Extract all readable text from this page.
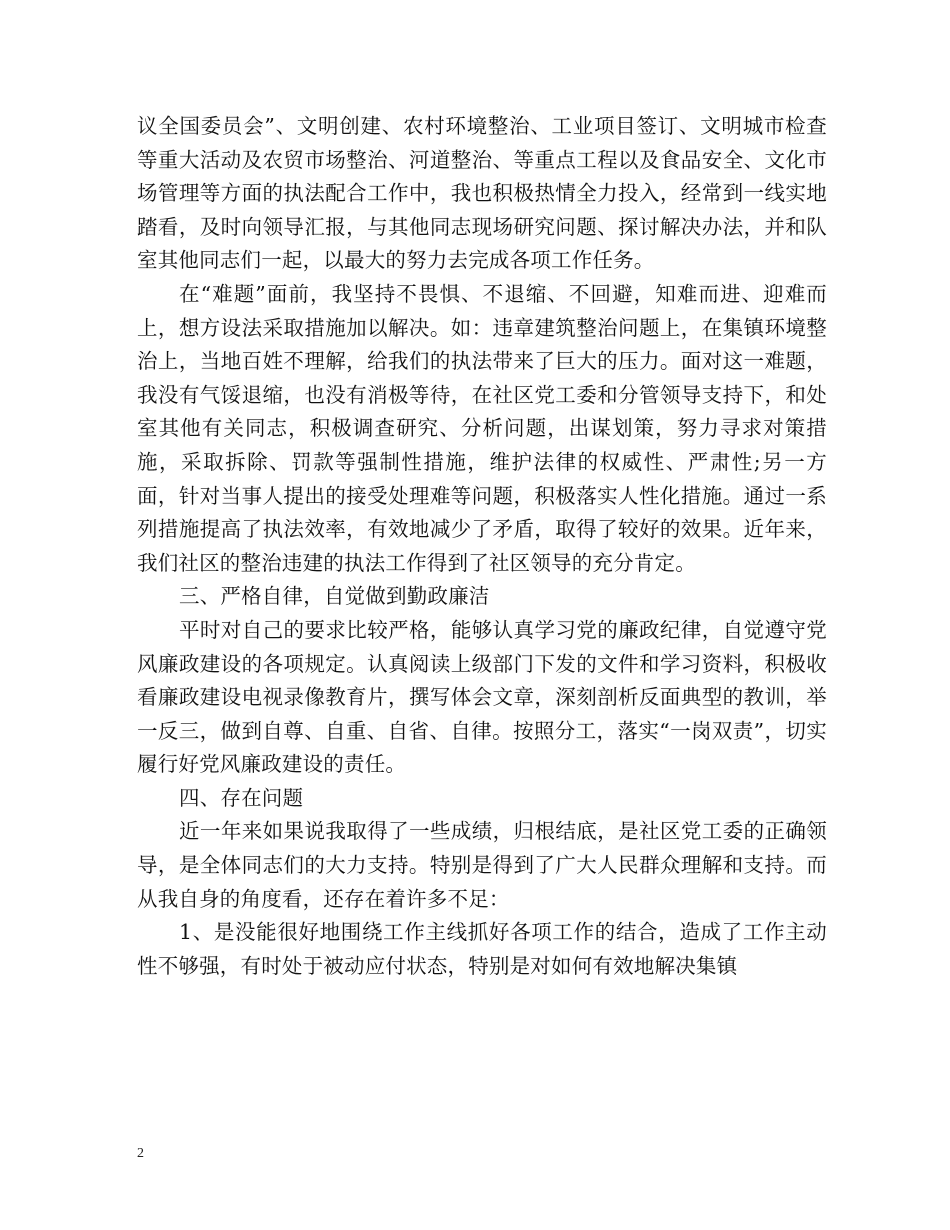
议全国委员会”、文明创建、农村环境整治、工业项目签订、文明城市检查等重大活动及农贸市场整治、河道整治、等重点工程以及食品安全、文化市场管理等方面的执法配合工作中，我也积极热情全力投入，经常到一线实地踏看，及时向领导汇报，与其他同志现场研究问题、探讨解决办法，并和队室其他同志们一起，以最大的努力去完成各项工作任务。

在“难题”面前，我坚持不畏惧、不退缩、不回避，知难而进、迎难而上，想方设法采取措施加以解决。如：违章建筑整治问题上，在集镇环境整治上，当地百姓不理解，给我们的执法带来了巨大的压力。面对这一难题，我没有气馁退缩，也没有消极等待，在社区党工委和分管领导支持下，和处室其他有关同志，积极调查研究、分析问题，出谋划策，努力寻求对策措施，采取拆除、罚款等强制性措施，维护法律的权威性、严肃性;另一方面，针对当事人提出的接受处理难等问题，积极落实人性化措施。通过一系列措施提高了执法效率，有效地减少了矛盾，取得了较好的效果。近年来，我们社区的整治违建的执法工作得到了社区领导的充分肯定。

三、严格自律，自觉做到勤政廉洁

平时对自己的要求比较严格，能够认真学习党的廉政纪律，自觉遵守党风廉政建设的各项规定。认真阅读上级部门下发的文件和学习资料，积极收看廉政建设电视录像教育片，撰写体会文章，深刻剖析反面典型的教训，举一反三，做到自尊、自重、自省、自律。按照分工，落实“一岗双责”，切实履行好党风廉政建设的责任。

四、存在问题

近一年来如果说我取得了一些成绩，归根结底，是社区党工委的正确领导，是全体同志们的大力支持。特别是得到了广大人民群众理解和支持。而从我自身的角度看，还存在着许多不足：

1、是没能很好地围绕工作主线抓好各项工作的结合，造成了工作主动性不够强，有时处于被动应付状态，特别是对如何有效地解决集镇

2
